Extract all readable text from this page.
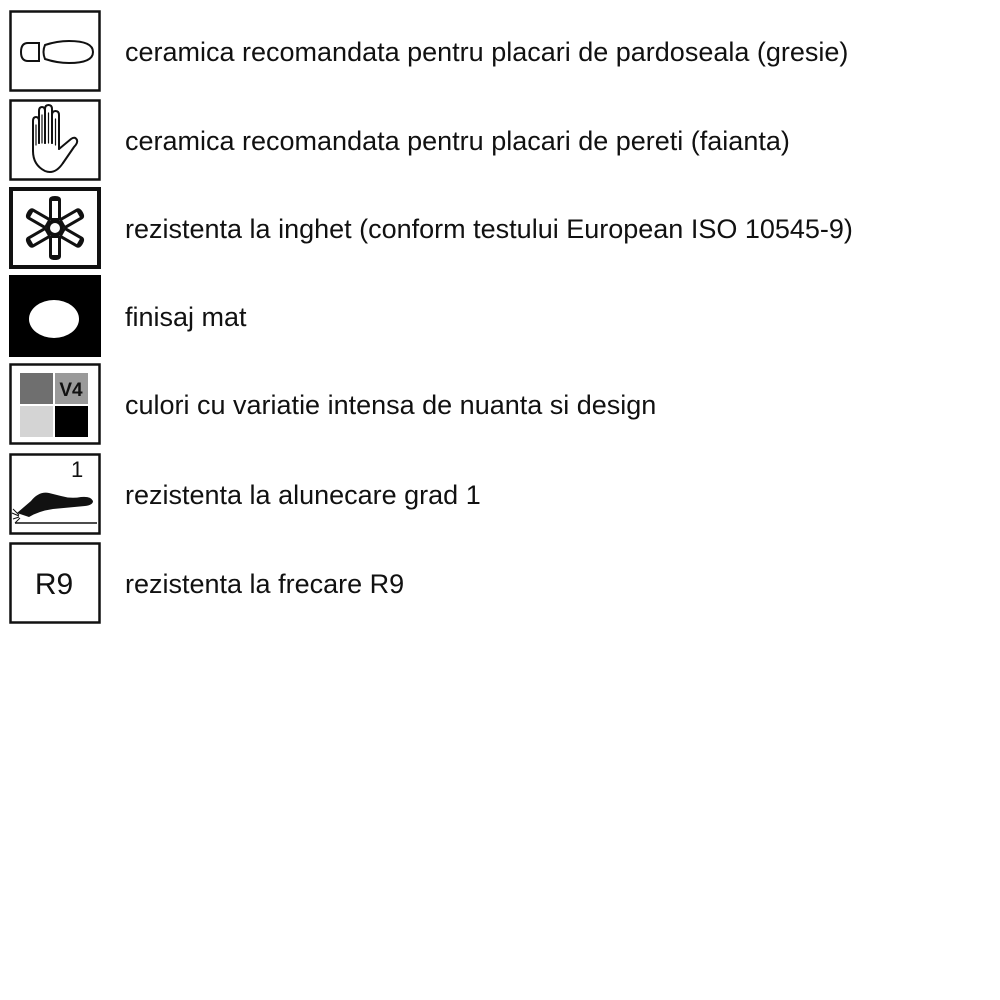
ceramica recomandata pentru placari de pardoseala (gresie)
ceramica recomandata pentru placari de pereti (faianta)
rezistenta la inghet (conform testului European ISO 10545-9)
finisaj mat
V4 culori cu variatie intensa de nuanta si design
1
rezistenta la alunecare grad 1
R9 rezistenta la frecare R9
